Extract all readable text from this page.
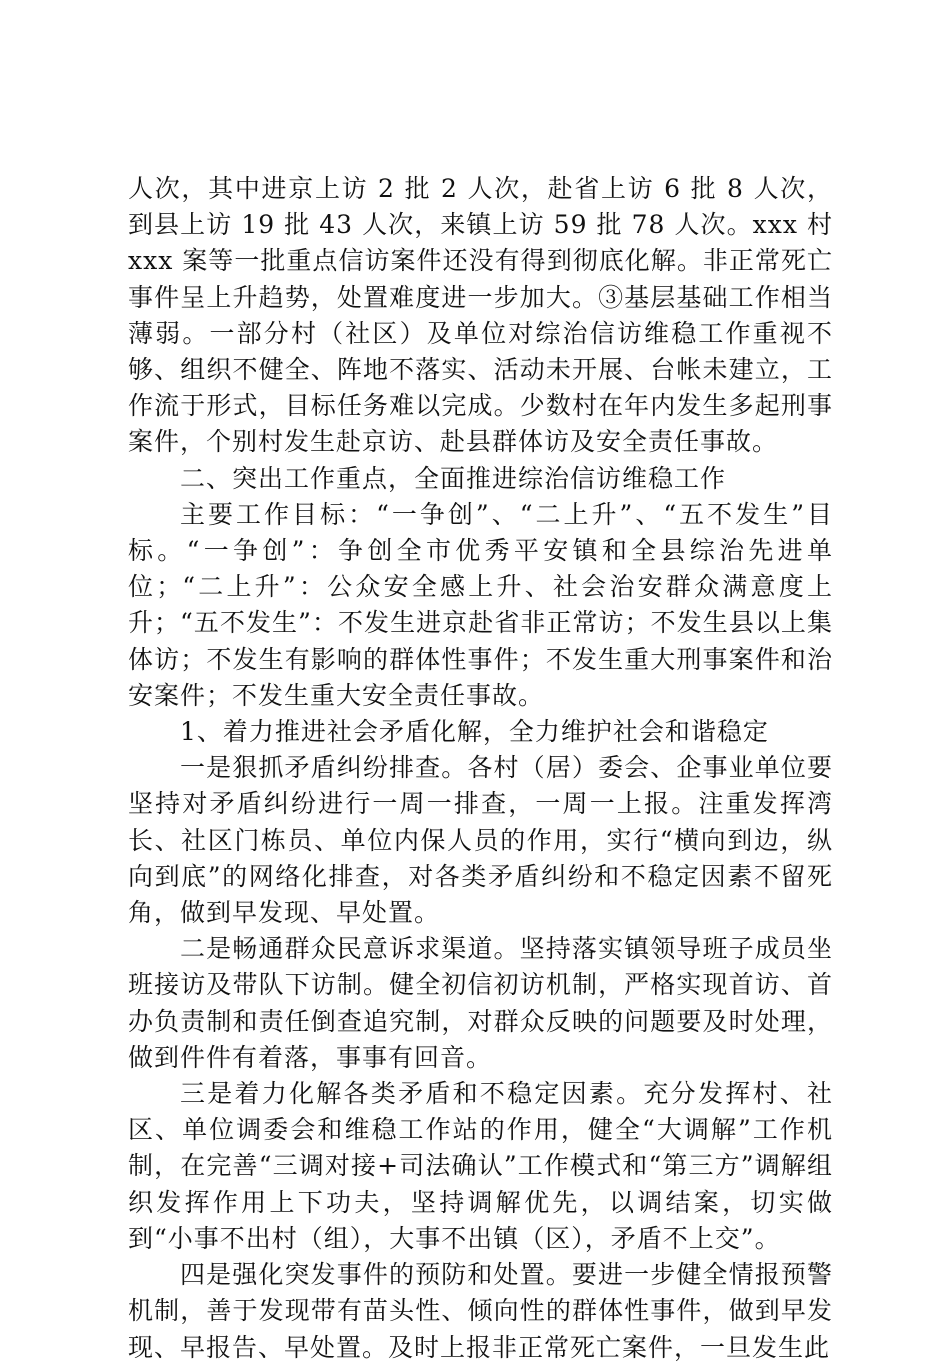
人次，其中进京上访 2 批 2 人次，赴省上访 6 批 8 人次，到县上访 19 批 43 人次，来镇上访 59 批 78 人次。xxx 村 xxx 案等一批重点信访案件还没有得到彻底化解。非正常死亡事件呈上升趋势，处置难度进一步加大。③基层基础工作相当薄弱。一部分村（社区）及单位对综治信访维稳工作重视不够、组织不健全、阵地不落实、活动未开展、台帐未建立，工作流于形式，目标任务难以完成。少数村在年内发生多起刑事案件，个别村发生赴京访、赴县群体访及安全责任事故。

二、突出工作重点，全面推进综治信访维稳工作

主要工作目标：“一争创”、“二上升”、“五不发生”目标。“一争创”：争创全市优秀平安镇和全县综治先进单位；“二上升”：公众安全感上升、社会治安群众满意度上升；“五不发生”：不发生进京赴省非正常访；不发生县以上集体访；不发生有影响的群体性事件；不发生重大刑事案件和治安案件；不发生重大安全责任事故。

1、着力推进社会矛盾化解，全力维护社会和谐稳定

一是狠抓矛盾纠纷排查。各村（居）委会、企事业单位要坚持对矛盾纠纷进行一周一排查，一周一上报。注重发挥湾长、社区门栋员、单位内保人员的作用，实行“横向到边，纵向到底”的网络化排查，对各类矛盾纠纷和不稳定因素不留死角，做到早发现、早处置。

二是畅通群众民意诉求渠道。坚持落实镇领导班子成员坐班接访及带队下访制。健全初信初访机制，严格实现首访、首办负责制和责任倒查追究制，对群众反映的问题要及时处理，做到件件有着落，事事有回音。

三是着力化解各类矛盾和不稳定因素。充分发挥村、社区、单位调委会和维稳工作站的作用，健全“大调解”工作机制，在完善“三调对接+司法确认”工作模式和“第三方”调解组织发挥作用上下功夫，坚持调解优先，以调结案，切实做到“小事不出村（组），大事不出镇（区），矛盾不上交”。

四是强化突发事件的预防和处置。要进一步健全情报预警机制，善于发现带有苗头性、倾向性的群体性事件，做到早发现、早报告、早处置。及时上报非正常死亡案件，一旦发生此
